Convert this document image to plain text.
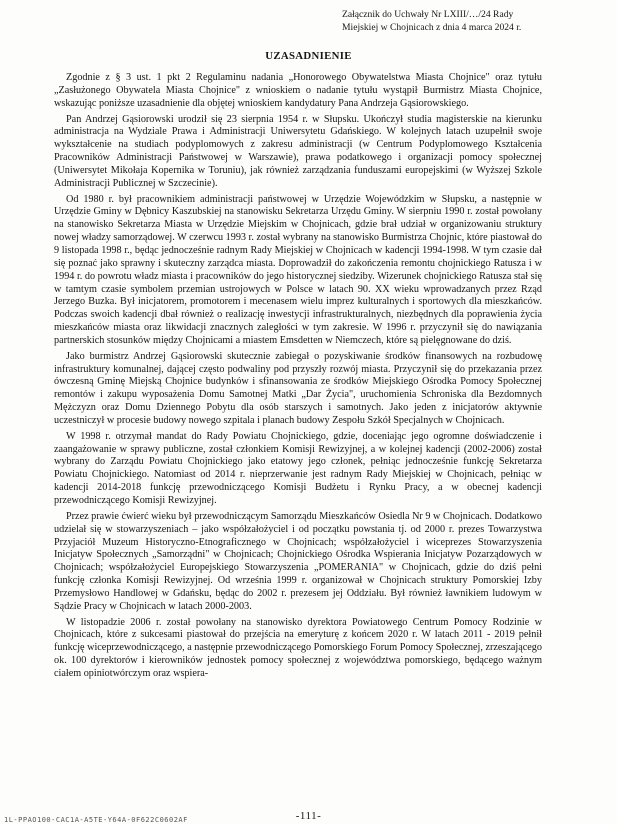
Załącznik do Uchwały Nr LXIII/…/24 Rady
Miejskiej w Chojnicach z dnia 4 marca 2024 r.
UZASADNIENIE

Zgodnie z § 3 ust. 1 pkt 2 Regulaminu nadania „Honorowego Obywatelstwa Miasta Chojnice" oraz tytułu „Zasłużonego Obywatela Miasta Chojnice" z wnioskiem o nadanie tytułu wystąpił Burmistrz Miasta Chojnice, wskazując poniższe uzasadnienie dla objętej wnioskiem kandydatury Pana Andrzeja Gąsiorowskiego.

Pan Andrzej Gąsiorowski urodził się 23 sierpnia 1954 r. w Słupsku. Ukończył studia magisterskie na kierunku administracja na Wydziale Prawa i Administracji Uniwersytetu Gdańskiego. W kolejnych latach uzupełnił swoje wykształcenie na studiach podyplomowych z zakresu administracji (w Centrum Podyplomowego Kształcenia Pracowników Administracji Państwowej w Warszawie), prawa podatkowego i organizacji pomocy społecznej (Uniwersytet Mikołaja Kopernika w Toruniu), jak również zarządzania funduszami europejskimi (w Wyższej Szkole Administracji Publicznej w Szczecinie).

Od 1980 r. był pracownikiem administracji państwowej w Urzędzie Wojewódzkim w Słupsku, a następnie w Urzędzie Gminy w Dębnicy Kaszubskiej na stanowisku Sekretarza Urzędu Gminy. W sierpniu 1990 r. został powołany na stanowisko Sekretarza Miasta w Urzędzie Miejskim w Chojnicach, gdzie brał udział w organizowaniu struktury nowej władzy samorządowej. W czerwcu 1993 r. został wybrany na stanowisko Burmistrza Chojnic, które piastował do 9 listopada 1998 r., będąc jednocześnie radnym Rady Miejskiej w Chojnicach w kadencji 1994-1998. W tym czasie dał się poznać jako sprawny i skuteczny zarządca miasta. Doprowadził do zakończenia remontu chojnickiego Ratusza i w 1994 r. do powrotu władz miasta i pracowników do jego historycznej siedziby. Wizerunek chojnickiego Ratusza stał się w tamtym czasie symbolem przemian ustrojowych w Polsce w latach 90. XX wieku wprowadzanych przez Rząd Jerzego Buzka. Był inicjatorem, promotorem i mecenasem wielu imprez kulturalnych i sportowych dla mieszkańców. Podczas swoich kadencji dbał również o realizację inwestycji infrastrukturalnych, niezbędnych dla poprawienia życia mieszkańców miasta oraz likwidacji znacznych zaległości w tym zakresie. W 1996 r. przyczynił się do nawiązania partnerskich stosunków między Chojnicami a miastem Emsdetten w Niemczech, które są pielęgnowane do dziś.

Jako burmistrz Andrzej Gąsiorowski skutecznie zabiegał o pozyskiwanie środków finansowych na rozbudowę infrastruktury komunalnej, dającej często podwaliny pod przyszły rozwój miasta. Przyczynił się do przekazania przez ówczesną Gminę Miejską Chojnice budynków i sfinansowania ze środków Miejskiego Ośrodka Pomocy Społecznej remontów i zakupu wyposażenia Domu Samotnej Matki „Dar Życia", uruchomienia Schroniska dla Bezdomnych Mężczyzn oraz Domu Dziennego Pobytu dla osób starszych i samotnych. Jako jeden z inicjatorów aktywnie uczestniczył w procesie budowy nowego szpitala i planach budowy Zespołu Szkół Specjalnych w Chojnicach.

W 1998 r. otrzymał mandat do Rady Powiatu Chojnickiego, gdzie, doceniając jego ogromne doświadczenie i zaangażowanie w sprawy publiczne, został członkiem Komisji Rewizyjnej, a w kolejnej kadencji (2002-2006) został wybrany do Zarządu Powiatu Chojnickiego jako etatowy jego członek, pełniąc jednocześnie funkcję Sekretarza Powiatu Chojnickiego. Natomiast od 2014 r. nieprzerwanie jest radnym Rady Miejskiej w Chojnicach, pełniąc w kadencji 2014-2018 funkcję przewodniczącego Komisji Budżetu i Rynku Pracy, a w obecnej kadencji przewodniczącego Komisji Rewizyjnej.

Przez prawie ćwierć wieku był przewodniczącym Samorządu Mieszkańców Osiedla Nr 9 w Chojnicach. Dodatkowo udzielał się w stowarzyszeniach – jako współzałożyciel i od początku powstania tj. od 2000 r. prezes Towarzystwa Przyjaciół Muzeum Historyczno-Etnograficznego w Chojnicach; współzałożyciel i wiceprezes Stowarzyszenia Inicjatyw Społecznych „Samorządni" w Chojnicach; Chojnickiego Ośrodka Wspierania Inicjatyw Pozarządowych w Chojnicach; współzałożyciel Europejskiego Stowarzyszenia „POMERANIA" w Chojnicach, gdzie do dziś pełni funkcję członka Komisji Rewizyjnej. Od września 1999 r. organizował w Chojnicach struktury Pomorskiej Izby Przemysłowo Handlowej w Gdańsku, będąc do 2002 r. prezesem jej Oddziału. Był również ławnikiem ludowym w Sądzie Pracy w Chojnicach w latach 2000-2003.

W listopadzie 2006 r. został powołany na stanowisko dyrektora Powiatowego Centrum Pomocy Rodzinie w Chojnicach, które z sukcesami piastował do przejścia na emeryturę z końcem 2020 r. W latach 2011 - 2019 pełnił funkcję wiceprzewodniczącego, a następnie przewodniczącego Pomorskiego Forum Pomocy Społecznej, zrzeszającego ok. 100 dyrektorów i kierowników jednostek pomocy społecznej z województwa pomorskiego, będącego ważnym ciałem opiniotwórczym oraz wspiera-

1L-PPAO100-CAC1A-A5TE-Y64A-0F622C0602AF	-111-
